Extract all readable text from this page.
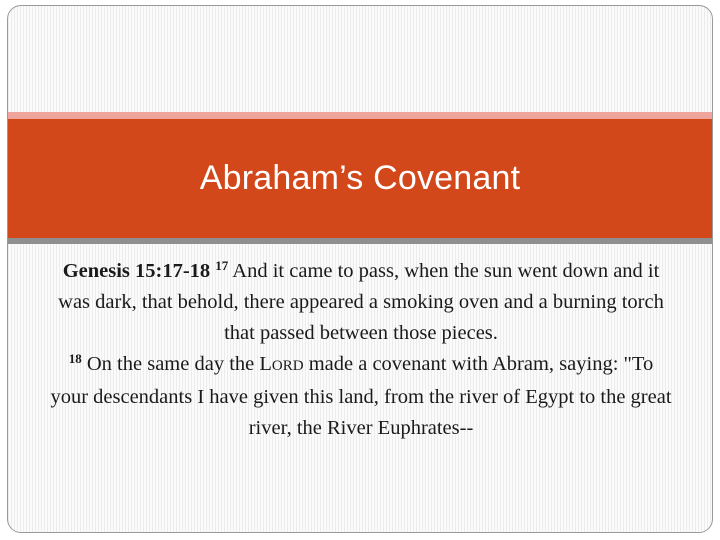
Abraham’s Covenant
Genesis 15:17-18 $^{17}$ And it came to pass, when the sun went down and it was dark, that behold, there appeared a smoking oven and a burning torch that passed between those pieces.
$^{18}$ On the same day the LORD made a covenant with Abram, saying: "To your descendants I have given this land, from the river of Egypt to the great river, the River Euphrates--
